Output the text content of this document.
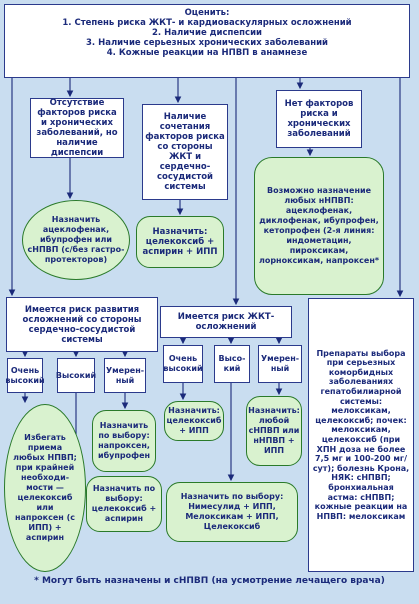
Оценить:
1. Степень риска ЖКТ- и кардиоваскулярных осложнений
2. Наличие диспепсии
3. Наличие серьезных хронических заболеваний
4. Кожные реакции на НПВП в анамнезе
Отсутствие факторов риска и хронических заболеваний, но наличие диспепсии
Наличие сочетания факторов риска со стороны ЖКТ и сердечно-сосудистой системы
Нет факторов риска и хронических заболеваний
Назначить ацеклофенак, ибупрофен или сНПВП (с/без гастро-протекторов)
Назначить: целекоксиб + аспирин + ИПП
Возможно назначение любых нНПВП: ацеклофенак, диклофенак, ибупрофен, кетопрофен (2-я линия: индометацин, пироксикам, лорноксикам, напроксен*
Имеется риск развития осложнений со стороны сердечно-сосудистой системы
Очень высокий
Высокий
Умерен-ный
Избегать приема любых НПВП; при крайней необходи-мости — целекоксиб или напроксен (с ИПП) + аспирин
Назначить по выбору: напроксен, ибупрофен
Назначить по выбору: целекоксиб + аспирин
Имеется риск ЖКТ-осложнений
Очень высокий
Высо-кий
Умерен-ный
Назначить: целекоксиб + ИПП
Назначить: любой сНПВП или нНПВП + ИПП
Назначить по выбору: Нимесулид + ИПП, Мелоксикам + ИПП, Целекоксиб
Препараты выбора при серьезных коморбидных заболеваниях гепатобилиарной системы: мелоксикам, целекоксиб; почек: мелоксикам, целекоксиб (при ХПН доза не более 7,5 мг и 100-200 мг/сут); болезнь Крона, НЯК: сНПВП; бронхиальная астма: сНПВП; кожные реакции на НПВП: мелоксикам
* Могут быть назначены и сНПВП (на усмотрение лечащего врача)
